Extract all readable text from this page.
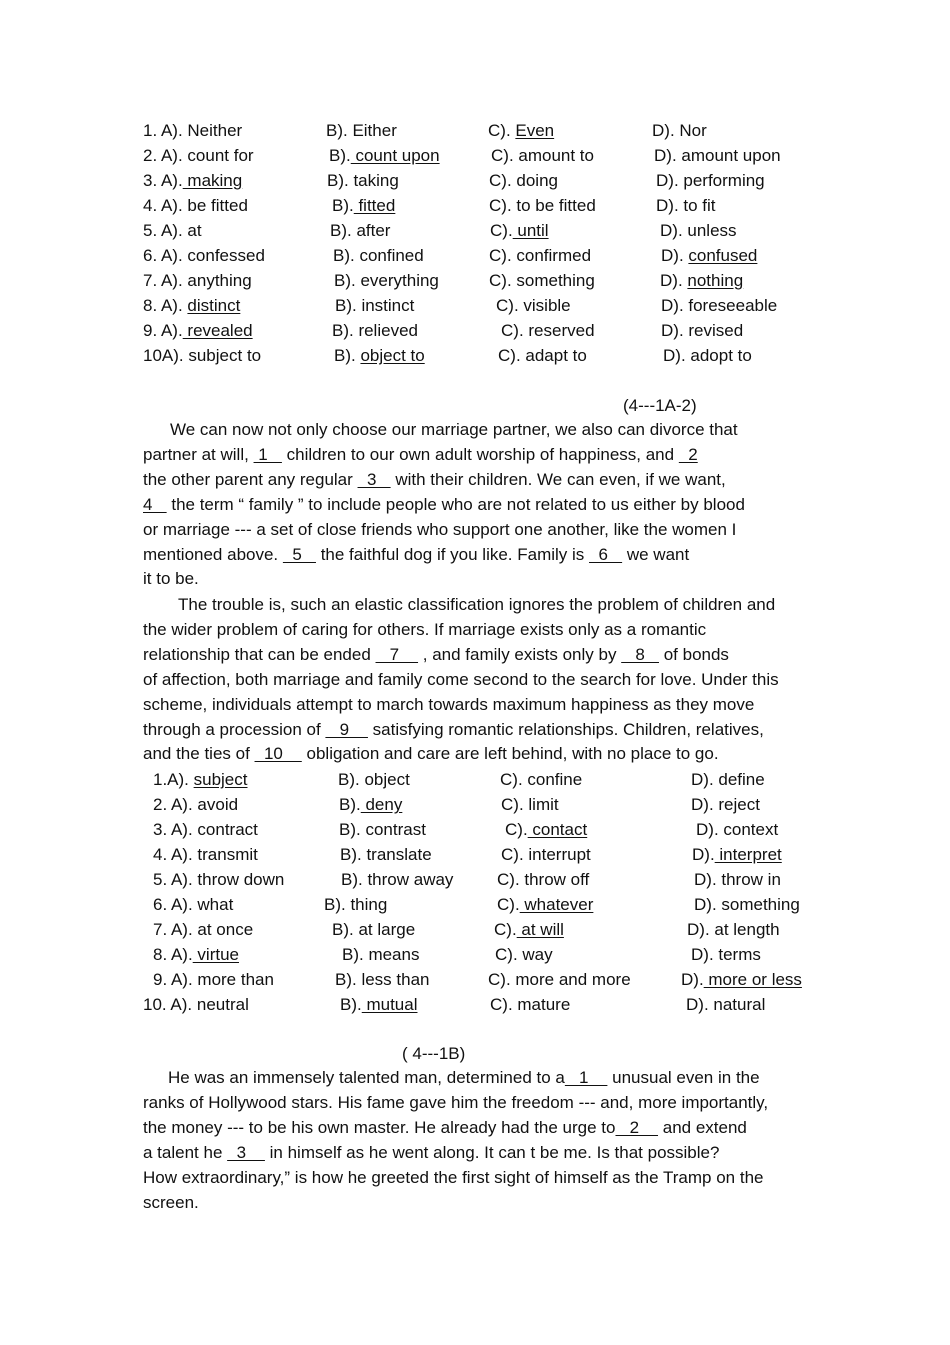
1. A). Neither	B). Either	C). Even	D). Nor
2. A). count for	B). count upon	C). amount to	D). amount upon
3. A). making	B). taking	C). doing	D). performing
4. A). be fitted	B). fitted	C). to be fitted	D). to fit
5. A). at	B). after	C). until	D). unless
6. A). confessed	B). confined	C). confirmed	D). confused
7. A). anything	B). everything	C). something	D). nothing
8. A). distinct	B). instinct	C). visible	D). foreseeable
9. A). revealed	B). relieved	C). reserved	D). revised
10A). subject to	B). object to	C). adapt to	D). adopt to
(4---1A-2)
We can now not only choose our marriage partner, we also can divorce that
partner at will,  1    children to our own adult worship of happiness, and   2
the other parent any regular   3    with their children. We can even, if we want,
4    the term “ family ” to include people who are not related to us either by blood
or marriage --- a set of close friends who support one another, like the women I
mentioned above.   5    the faithful dog if you like. Family is   6    we want
it to be.
The trouble is, such an elastic classification ignores the problem of children and
the wider problem of caring for others. If marriage exists only as a romantic
relationship that can be ended    7     , and family exists only by    8    of bonds
of affection, both marriage and family come second to the search for love. Under this
scheme, individuals attempt to march towards maximum happiness as they move
through a procession of    9     satisfying romantic relationships. Children, relatives,
and the ties of   10     obligation and care are left behind, with no place to go.
1.A). subject	B). object	C). confine	D). define
2. A). avoid	B). deny	C). limit	D). reject
3. A). contract	B). contrast	C). contact	D). context
4. A). transmit	B). translate	C). interrupt	D). interpret
5. A). throw down	B). throw away	C). throw off	D). throw in
6. A). what	B). thing	C). whatever	D). something
7. A). at once	B). at large	C). at will	D). at length
8. A). virtue	B). means	C). way	D). terms
9. A). more than	B). less than	C). more and more	D). more or less
10. A). neutral	B). mutual	C). mature	D). natural
( 4---1B)
He was an immensely talented man, determined to a   1     unusual even in the
ranks of Hollywood stars. His fame gave him the freedom --- and, more importantly,
the money --- to be his own master. He already had the urge to   2     and extend
a talent he   3     in himself as he went along. It can t be me. Is that possible?
How extraordinary,” is how he greeted the first sight of himself as the Tramp on the
screen.
